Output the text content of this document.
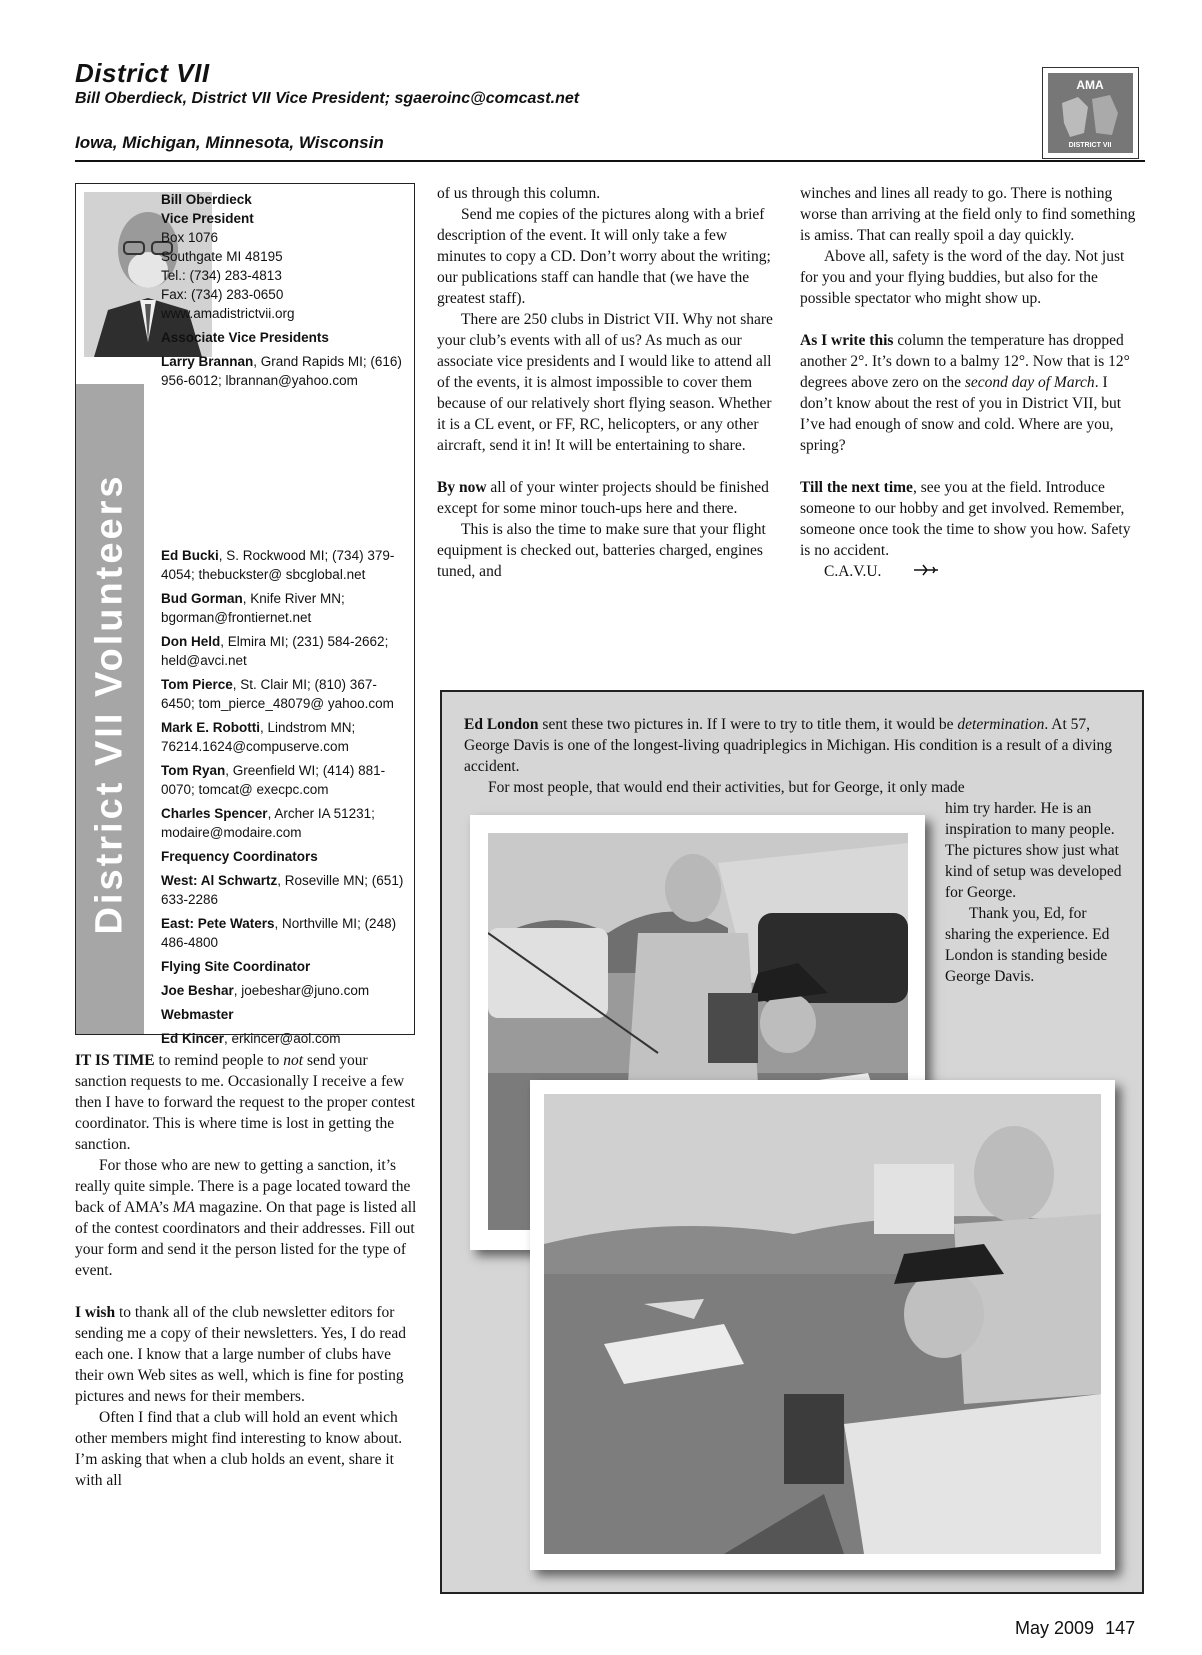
District VII
Bill Oberdieck, District VII Vice President; sgaeroinc@comcast.net
Iowa, Michigan, Minnesota, Wisconsin
AMA
DISTRICT VII
District VII Volunteers
Bill Oberdieck
Vice President
Box 1076
Southgate MI 48195
Tel.: (734) 283-4813
Fax: (734) 283-0650
www.amadistrictvii.org
Associate Vice Presidents
Larry Brannan, Grand Rapids MI; (616) 956-6012; lbrannan@yahoo.com
Ed Bucki, S. Rockwood MI; (734) 379-4054; thebuckster@ sbcglobal.net
Bud Gorman, Knife River MN; bgorman@frontiernet.net
Don Held, Elmira MI; (231) 584-2662; held@avci.net
Tom Pierce, St. Clair MI; (810) 367-6450; tom_pierce_48079@ yahoo.com
Mark E. Robotti, Lindstrom MN; 76214.1624@compuserve.com
Tom Ryan, Greenfield WI; (414) 881-0070; tomcat@ execpc.com
Charles Spencer, Archer IA 51231; modaire@modaire.com
Frequency Coordinators
West: Al Schwartz, Roseville MN; (651) 633-2286
East: Pete Waters, Northville MI; (248) 486-4800
Flying Site Coordinator
Joe Beshar, joebeshar@juno.com
Webmaster
Ed Kincer, erkincer@aol.com

IT IS TIME to remind people to not send your sanction requests to me. Occasionally I receive a few then I have to forward the request to the proper contest coordinator. This is where time is lost in getting the sanction.

For those who are new to getting a sanction, it’s really quite simple. There is a page located toward the back of AMA’s MA magazine. On that page is listed all of the contest coordinators and their addresses. Fill out your form and send it the person listed for the type of event.

I wish to thank all of the club newsletter editors for sending me a copy of their newsletters. Yes, I do read each one. I know that a large number of clubs have their own Web sites as well, which is fine for posting pictures and news for their members.

Often I find that a club will hold an event which other members might find interesting to know about. I’m asking that when a club holds an event, share it with all

of us through this column.

Send me copies of the pictures along with a brief description of the event. It will only take a few minutes to copy a CD. Don’t worry about the writing; our publications staff can handle that (we have the greatest staff).

There are 250 clubs in District VII. Why not share your club’s events with all of us? As much as our associate vice presidents and I would like to attend all of the events, it is almost impossible to cover them because of our relatively short flying season. Whether it is a CL event, or FF, RC, helicopters, or any other aircraft, send it in! It will be entertaining to share.

By now all of your winter projects should be finished except for some minor touch-ups here and there.

This is also the time to make sure that your flight equipment is checked out, batteries charged, engines tuned, and

winches and lines all ready to go. There is nothing worse than arriving at the field only to find something is amiss. That can really spoil a day quickly.

Above all, safety is the word of the day. Not just for you and your flying buddies, but also for the possible spectator who might show up.

As I write this column the temperature has dropped another 2°. It’s down to a balmy 12°. Now that is 12° degrees above zero on the second day of March. I don’t know about the rest of you in District VII, but I’ve had enough of snow and cold. Where are you, spring?

Till the next time, see you at the field. Introduce someone to our hobby and get involved. Remember, someone once took the time to show you how. Safety is no accident.

C.A.V.U.

Ed London sent these two pictures in. If I were to try to title them, it would be determination. At 57, George Davis is one of the longest-living quadriplegics in Michigan. His condition is a result of a diving accident.

For most people, that would end their activities, but for George, it only made

him try harder. He is an inspiration to many people. The pictures show just what kind of setup was developed for George.

Thank you, Ed, for sharing the experience. Ed London is standing beside George Davis.

May 2009 147
